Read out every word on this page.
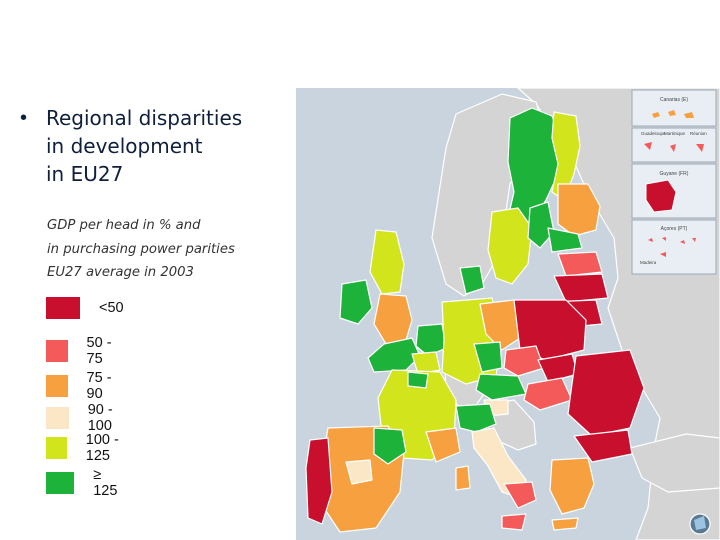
• Regional disparities
in development
in EU27
GDP per head in % and
in purchasing power parities
EU27 average in 2003
<50
50 - 75
75 - 90
90 - 100
100 - 125
≥ 125
Canarias (E)
Guadeloupe
Martinique Réunion
Guyane (FR)
Açores (PT)
Madeira
